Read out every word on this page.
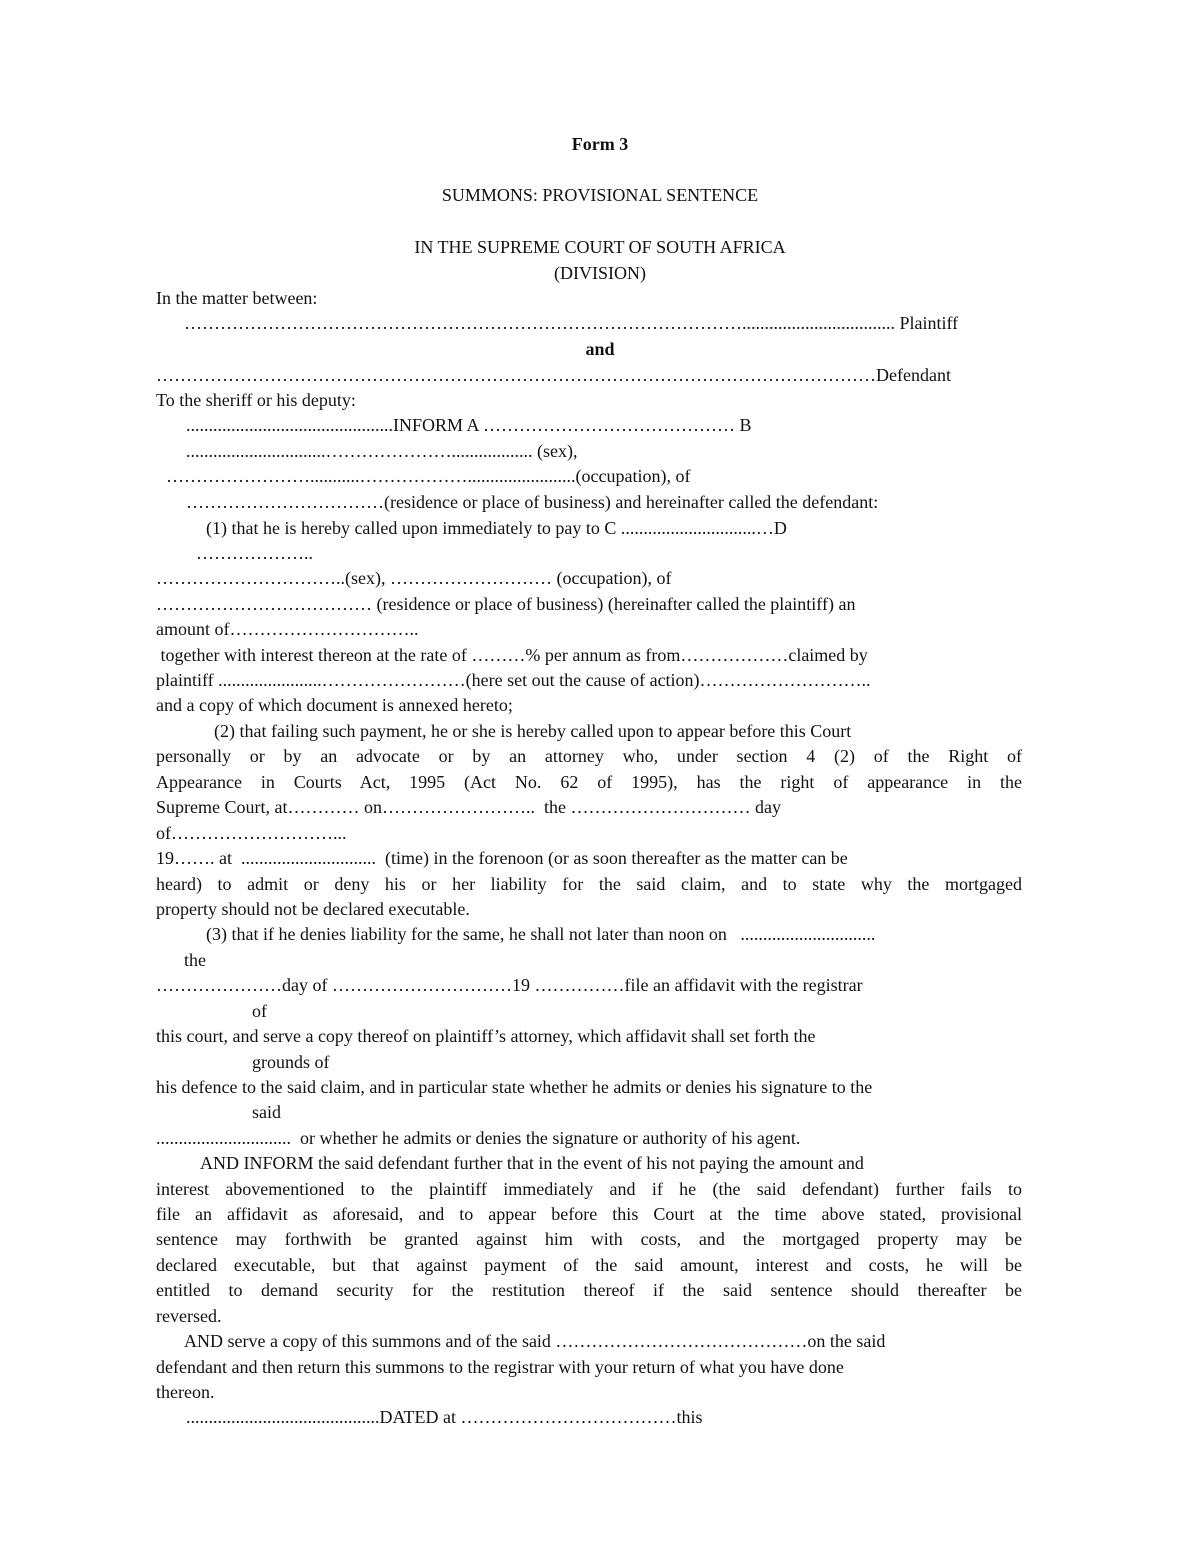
Form 3
SUMMONS: PROVISIONAL SENTENCE
IN THE SUPREME COURT OF SOUTH AFRICA
(DIVISION)
In the matter between:
………………………………………………………………………………….................................. Plaintiff
and
…………………………………………………………………………………………………………Defendant
To the sheriff or his deputy:
..............................................INFORM A …………………………………… B
...............................………………….................. (sex),
……………………...........………………........................(occupation), of
……………………………(residence or place of business) and hereinafter called the defendant:
(1) that he is hereby called upon immediately to pay to C ..............................…D
………………..
…………………………..(sex), ……………………… (occupation), of
……………………………… (residence or place of business) (hereinafter called the plaintiff) an
amount of…………………………..
together with interest thereon at the rate of ………% per annum as from………………claimed by
plaintiff .......................……………………(here set out the cause of action)………………………..
and a copy of which document is annexed hereto;
(2) that failing such payment, he or she is hereby called upon to appear before this Court
personally or by an advocate or by an attorney who, under section 4 (2) of the Right of
Appearance in Courts Act, 1995 (Act No. 62 of 1995), has the right of appearance in the
Supreme Court, at………… on……………………..  the ………………………… day
of………………………...
19……. at  ..............................  (time) in the forenoon (or as soon thereafter as the matter can be
heard) to admit or deny his or her liability for the said claim, and to state why the mortgaged
property should not be declared executable.
(3) that if he denies liability for the same, he shall not later than noon on   ..............................
the
…………………day of …………………………19 ……………file an affidavit with the registrar
of
this court, and serve a copy thereof on plaintiff’s attorney, which affidavit shall set forth the
grounds of
his defence to the said claim, and in particular state whether he admits or denies his signature to the
said
..............................  or whether he admits or denies the signature or authority of his agent.
AND INFORM the said defendant further that in the event of his not paying the amount and
interest abovementioned to the plaintiff immediately and if he (the said defendant) further fails to
file an affidavit as aforesaid, and to appear before this Court at the time above stated, provisional
sentence may forthwith be granted against him with costs, and the mortgaged property may be
declared executable, but that against payment of the said amount, interest and costs, he will be
entitled to demand security for the restitution thereof if the said sentence should thereafter be
reversed.
AND serve a copy of this summons and of the said ……………………………………on the said
defendant and then return this summons to the registrar with your return of what you have done
thereon.
...........................................DATED at ………………………………this
